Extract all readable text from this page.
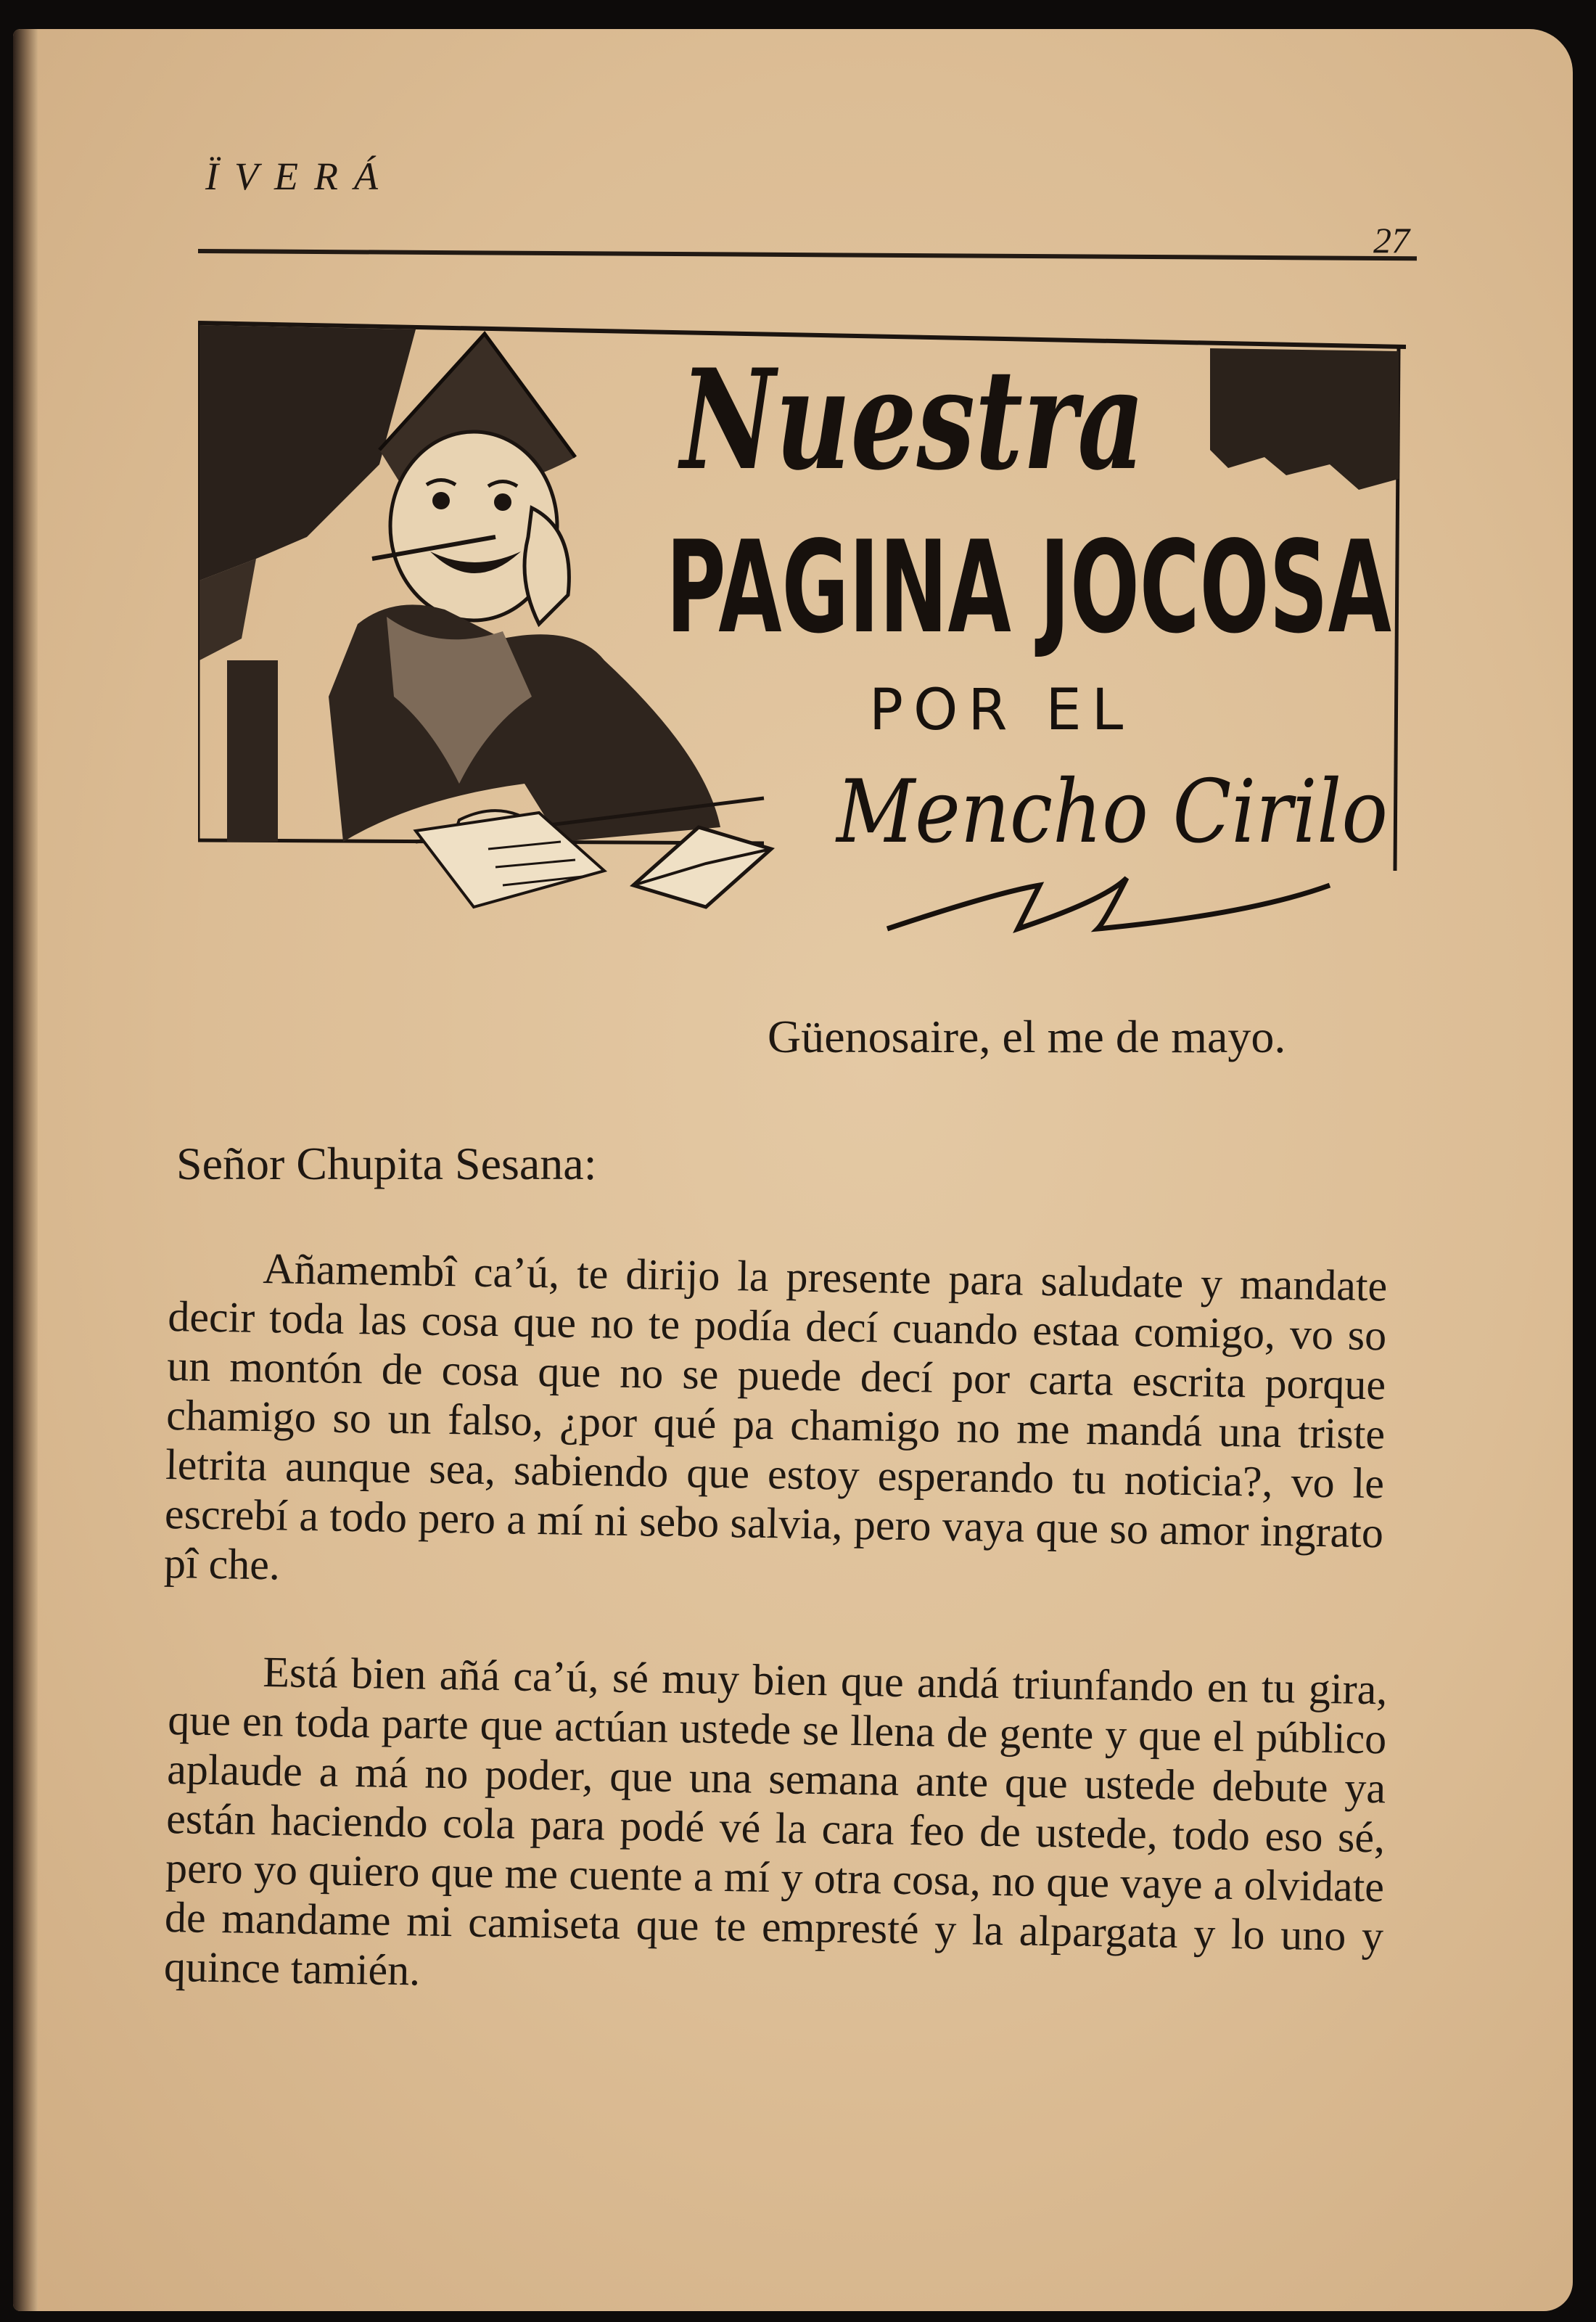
ÏVERÁ
27
Nuestra
PAGINA JOCOSA
POR EL
Mencho Cirilo
Güenosaire, el me de mayo.
Señor Chupita Sesana:

Añamembî ca’ú, te dirijo la presente para saludate y mandate decir toda las cosa que no te podía decí cuando estaa comigo, vo so un montón de cosa que no se puede decí por carta escrita porque chamigo so un falso, ¿por qué pa chamigo no me mandá una triste letrita aunque sea, sabiendo que estoy esperando tu noticia?, vo le escrebí a todo pero a mí ni sebo salvia, pero vaya que so amor ingrato pî che.

Está bien añá ca’ú, sé muy bien que andá triunfando en tu gira, que en toda parte que actúan ustede se llena de gente y que el público aplaude a má no poder, que una semana ante que ustede debute ya están haciendo cola para podé vé la cara feo de ustede, todo eso sé, pero yo quiero que me cuente a mí y otra cosa, no que vaye a olvidate de mandame mi camiseta que te empresté y la alpargata y lo uno y quince tamién.
